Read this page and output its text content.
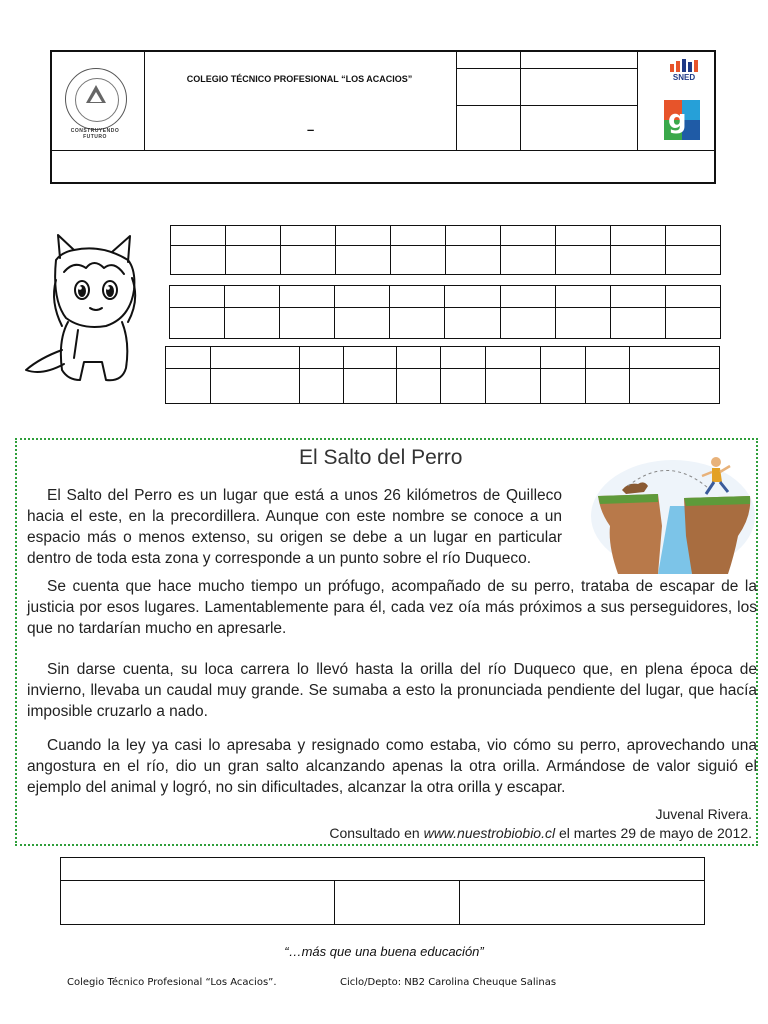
CONSTRUYENDO FUTURO
COLEGIO TÉCNICO PROFESIONAL “LOS ACACIOS”
–
SNED
g

El Salto del Perro

El Salto del Perro es un lugar que está a unos 26 kilómetros de Quilleco hacia el este, en la precordillera. Aunque con este nombre se conoce a un espacio más o menos extenso, su origen se debe a un lugar en particular dentro de toda esta zona y corresponde a un punto sobre el río Duqueco.

Se cuenta que hace mucho tiempo un prófugo, acompañado de su perro, trataba de escapar de la justicia por esos lugares. Lamentablemente para él, cada vez oía más próximos a sus perseguidores, los que no tardarían mucho en apresarle.

Sin darse cuenta, su loca carrera lo llevó hasta la orilla del río Duqueco que, en plena época de invierno, llevaba un caudal muy grande. Se sumaba a esto la pronunciada pendiente del lugar, que hacía imposible cruzarlo a nado.

Cuando la ley ya casi lo apresaba y resignado como estaba, vio cómo su perro, aprovechando una angostura en el río, dio un gran salto alcanzando apenas la otra orilla. Armándose de valor siguió el ejemplo del animal y logró, no sin dificultades, alcanzar la otra orilla y escapar.

Juvenal Rivera.
Consultado en www.nuestrobiobio.cl el martes 29 de mayo de 2012.
“…más que una buena educación”
Colegio Técnico Profesional “Los Acacios”.	Ciclo/Depto: NB2 Carolina Cheuque Salinas
